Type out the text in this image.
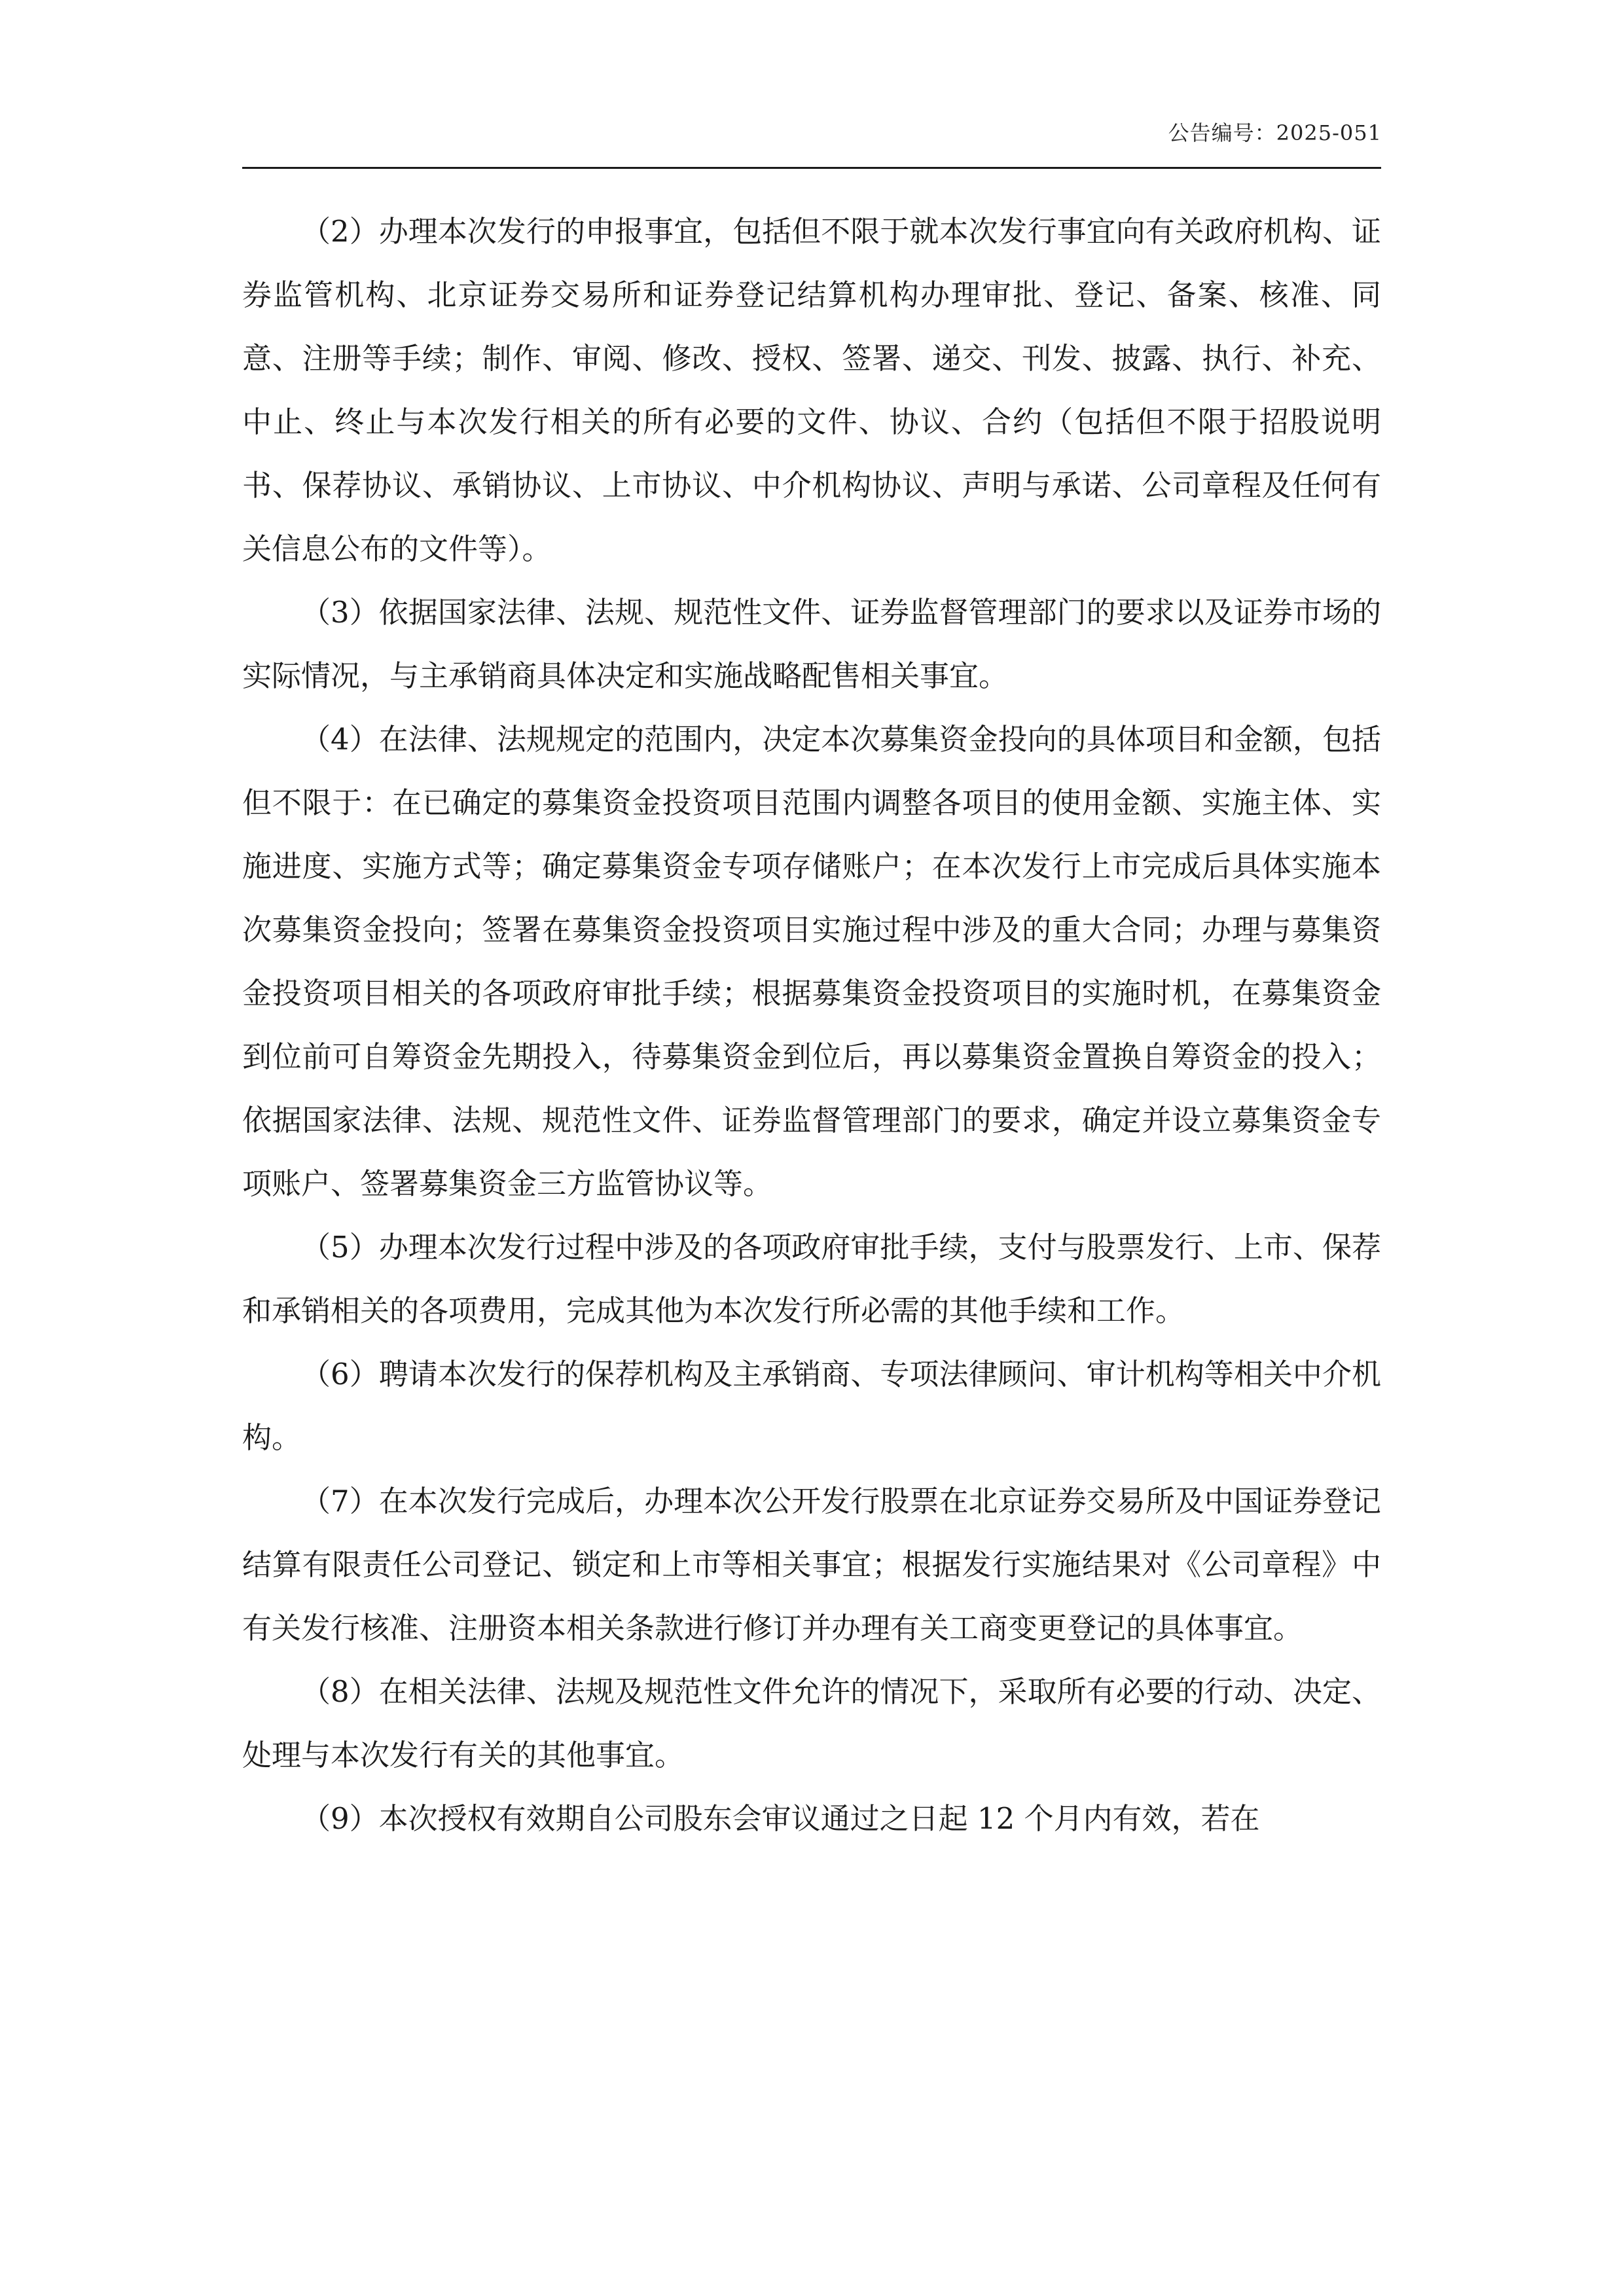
公告编号：2025-051

（2）办理本次发行的申报事宜，包括但不限于就本次发行事宜向有关政府机构、证券监管机构、北京证券交易所和证券登记结算机构办理审批、登记、备案、核准、同意、注册等手续；制作、审阅、修改、授权、签署、递交、刊发、披露、执行、补充、中止、终止与本次发行相关的所有必要的文件、协议、合约（包括但不限于招股说明书、保荐协议、承销协议、上市协议、中介机构协议、声明与承诺、公司章程及任何有关信息公布的文件等）。

（3）依据国家法律、法规、规范性文件、证券监督管理部门的要求以及证券市场的实际情况，与主承销商具体决定和实施战略配售相关事宜。

（4）在法律、法规规定的范围内，决定本次募集资金投向的具体项目和金额，包括但不限于：在已确定的募集资金投资项目范围内调整各项目的使用金额、实施主体、实施进度、实施方式等；确定募集资金专项存储账户；在本次发行上市完成后具体实施本次募集资金投向；签署在募集资金投资项目实施过程中涉及的重大合同；办理与募集资金投资项目相关的各项政府审批手续；根据募集资金投资项目的实施时机，在募集资金到位前可自筹资金先期投入，待募集资金到位后，再以募集资金置换自筹资金的投入；依据国家法律、法规、规范性文件、证券监督管理部门的要求，确定并设立募集资金专项账户、签署募集资金三方监管协议等。

（5）办理本次发行过程中涉及的各项政府审批手续，支付与股票发行、上市、保荐和承销相关的各项费用，完成其他为本次发行所必需的其他手续和工作。

（6）聘请本次发行的保荐机构及主承销商、专项法律顾问、审计机构等相关中介机构。

（7）在本次发行完成后，办理本次公开发行股票在北京证券交易所及中国证券登记结算有限责任公司登记、锁定和上市等相关事宜；根据发行实施结果对《公司章程》中有关发行核准、注册资本相关条款进行修订并办理有关工商变更登记的具体事宜。

（8）在相关法律、法规及规范性文件允许的情况下，采取所有必要的行动、决定、处理与本次发行有关的其他事宜。

（9）本次授权有效期自公司股东会审议通过之日起 12 个月内有效，若在
